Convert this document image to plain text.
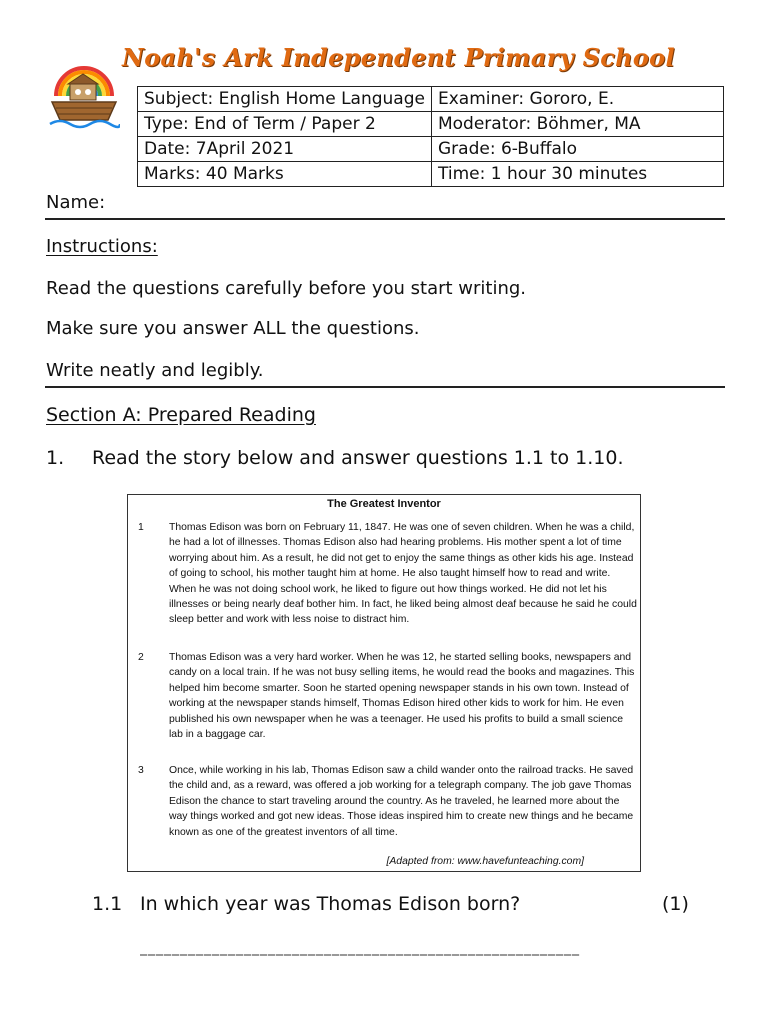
Noah's Ark Independent Primary School
Subject: English Home Language	Examiner: Gororo, E.
Type: End of Term / Paper 2	Moderator: Böhmer, MA
Date: 7April 2021	Grade: 6-Buffalo
Marks: 40 Marks	Time: 1 hour 30 minutes
Name:
Instructions:
Read the questions carefully before you start writing.
Make sure you answer ALL the questions.
Write neatly and legibly.
Section A: Prepared Reading
1. Read the story below and answer questions 1.1 to 1.10.
The Greatest Inventor
1 Thomas Edison was born on February 11, 1847. He was one of seven children. When he was a child, he had a lot of illnesses. Thomas Edison also had hearing problems. His mother spent a lot of time worrying about him. As a result, he did not get to enjoy the same things as other kids his age. Instead of going to school, his mother taught him at home. He also taught himself how to read and write. When he was not doing school work, he liked to figure out how things worked. He did not let his illnesses or being nearly deaf bother him. In fact, he liked being almost deaf because he said he could sleep better and work with less noise to distract him.
2 Thomas Edison was a very hard worker. When he was 12, he started selling books, newspapers and candy on a local train. If he was not busy selling items, he would read the books and magazines. This helped him become smarter. Soon he started opening newspaper stands in his own town. Instead of working at the newspaper stands himself, Thomas Edison hired other kids to work for him. He even published his own newspaper when he was a teenager. He used his profits to build a small science lab in a baggage car.
3 Once, while working in his lab, Thomas Edison saw a child wander onto the railroad tracks. He saved the child and, as a reward, was offered a job working for a telegraph company. The job gave Thomas Edison the chance to start traveling around the country. As he traveled, he learned more about the way things worked and got new ideas. Those ideas inspired him to create new things and he became known as one of the greatest inventors of all time.
[Adapted from: www.havefunteaching.com]
1.1 In which year was Thomas Edison born?	(1)
_______________________________________________________
